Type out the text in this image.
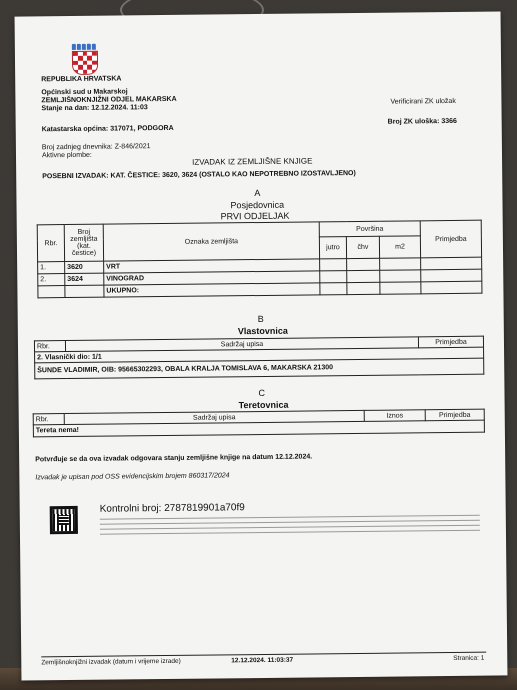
REPUBLIKA HRVATSKA
Općinski sud u Makarskoj
ZEMLJIŠNOKNJIŽNI ODJEL MAKARSKA
Stanje na dan: 12.12.2024. 11:03
Verificirani ZK uložak
Katastarska općina: 317071, PODGORA
Broj ZK uloška: 3366
Broj zadnjeg dnevnika: Z-846/2021
Aktivne plombe:
IZVADAK IZ ZEMLJIŠNE KNJIGE
POSEBNI IZVADAK: KAT. ČESTICE: 3620, 3624 (OSTALO KAO NEPOTREBNO IZOSTAVLJENO)
A
Posjedovnica
PRVI ODJELJAK
Rbr.	Broj zemljišta (kat. čestice)	Oznaka zemljišta	Površina			Primjedba
			jutro	čhv	m2	
1.	3620	VRT				
2.	3624	VINOGRAD				
		UKUPNO:				
B
Vlastovnica
Rbr.	Sadržaj upisa	Primjedba
2. Vlasnički dio: 1/1
ŠUNDE VLADIMIR, OIB: 95665302293, OBALA KRALJA TOMISLAVA 6, MAKARSKA 21300
C
Teretovnica
Rbr.	Sadržaj upisa	Iznos	Primjedba
Tereta nema!
Potvrđuje se da ova izvadak odgovara stanju zemljišne knjige na datum 12.12.2024.
Izvadak je upisan pod OSS evidencijskim brojem 860317/2024
Kontrolni broj: 2787819901a70f9
Zemljišnoknjižni izvadak (datum i vrijeme izrade)	12.12.2024. 11:03:37	Stranica: 1
